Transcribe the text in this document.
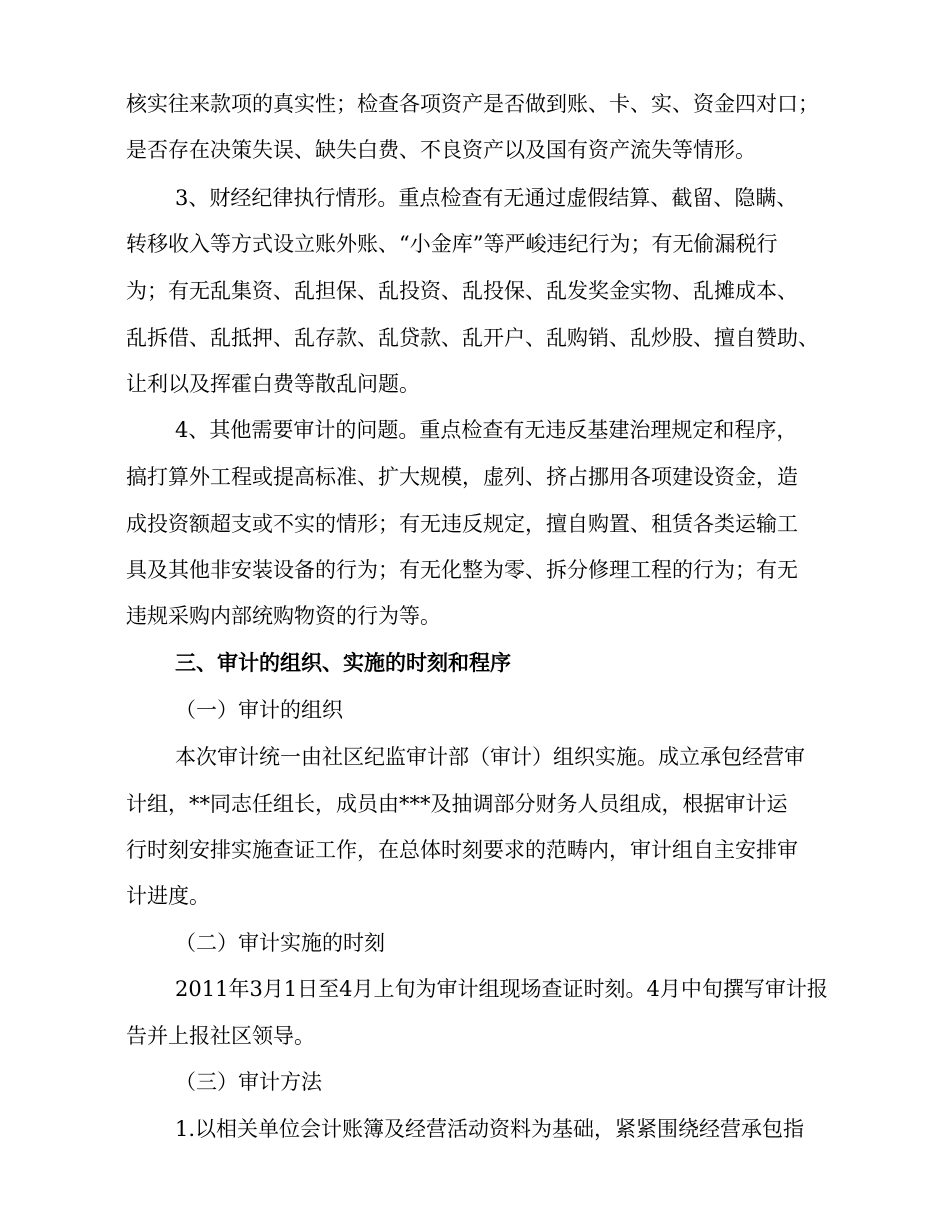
核实往来款项的真实性；检查各项资产是否做到账、卡、实、资金四对口；
是否存在决策失误、缺失白费、不良资产以及国有资产流失等情形。
3、财经纪律执行情形。重点检查有无通过虚假结算、截留、隐瞒、
转移收入等方式设立账外账、“小金库”等严峻违纪行为；有无偷漏税行
为；有无乱集资、乱担保、乱投资、乱投保、乱发奖金实物、乱摊成本、
乱拆借、乱抵押、乱存款、乱贷款、乱开户、乱购销、乱炒股、擅自赞助、
让利以及挥霍白费等散乱问题。
4、其他需要审计的问题。重点检查有无违反基建治理规定和程序，
搞打算外工程或提高标准、扩大规模，虚列、挤占挪用各项建设资金，造
成投资额超支或不实的情形；有无违反规定，擅自购置、租赁各类运输工
具及其他非安装设备的行为；有无化整为零、拆分修理工程的行为；有无
违规采购内部统购物资的行为等。
三、审计的组织、实施的时刻和程序
（一）审计的组织
本次审计统一由社区纪监审计部（审计）组织实施。成立承包经营审
计组，**同志任组长，成员由***及抽调部分财务人员组成，根据审计运
行时刻安排实施查证工作，在总体时刻要求的范畴内，审计组自主安排审
计进度。
（二）审计实施的时刻
2011年3月1日至4月上旬为审计组现场查证时刻。4月中旬撰写审计报
告并上报社区领导。
（三）审计方法
1.以相关单位会计账簿及经营活动资料为基础，紧紧围绕经营承包指
